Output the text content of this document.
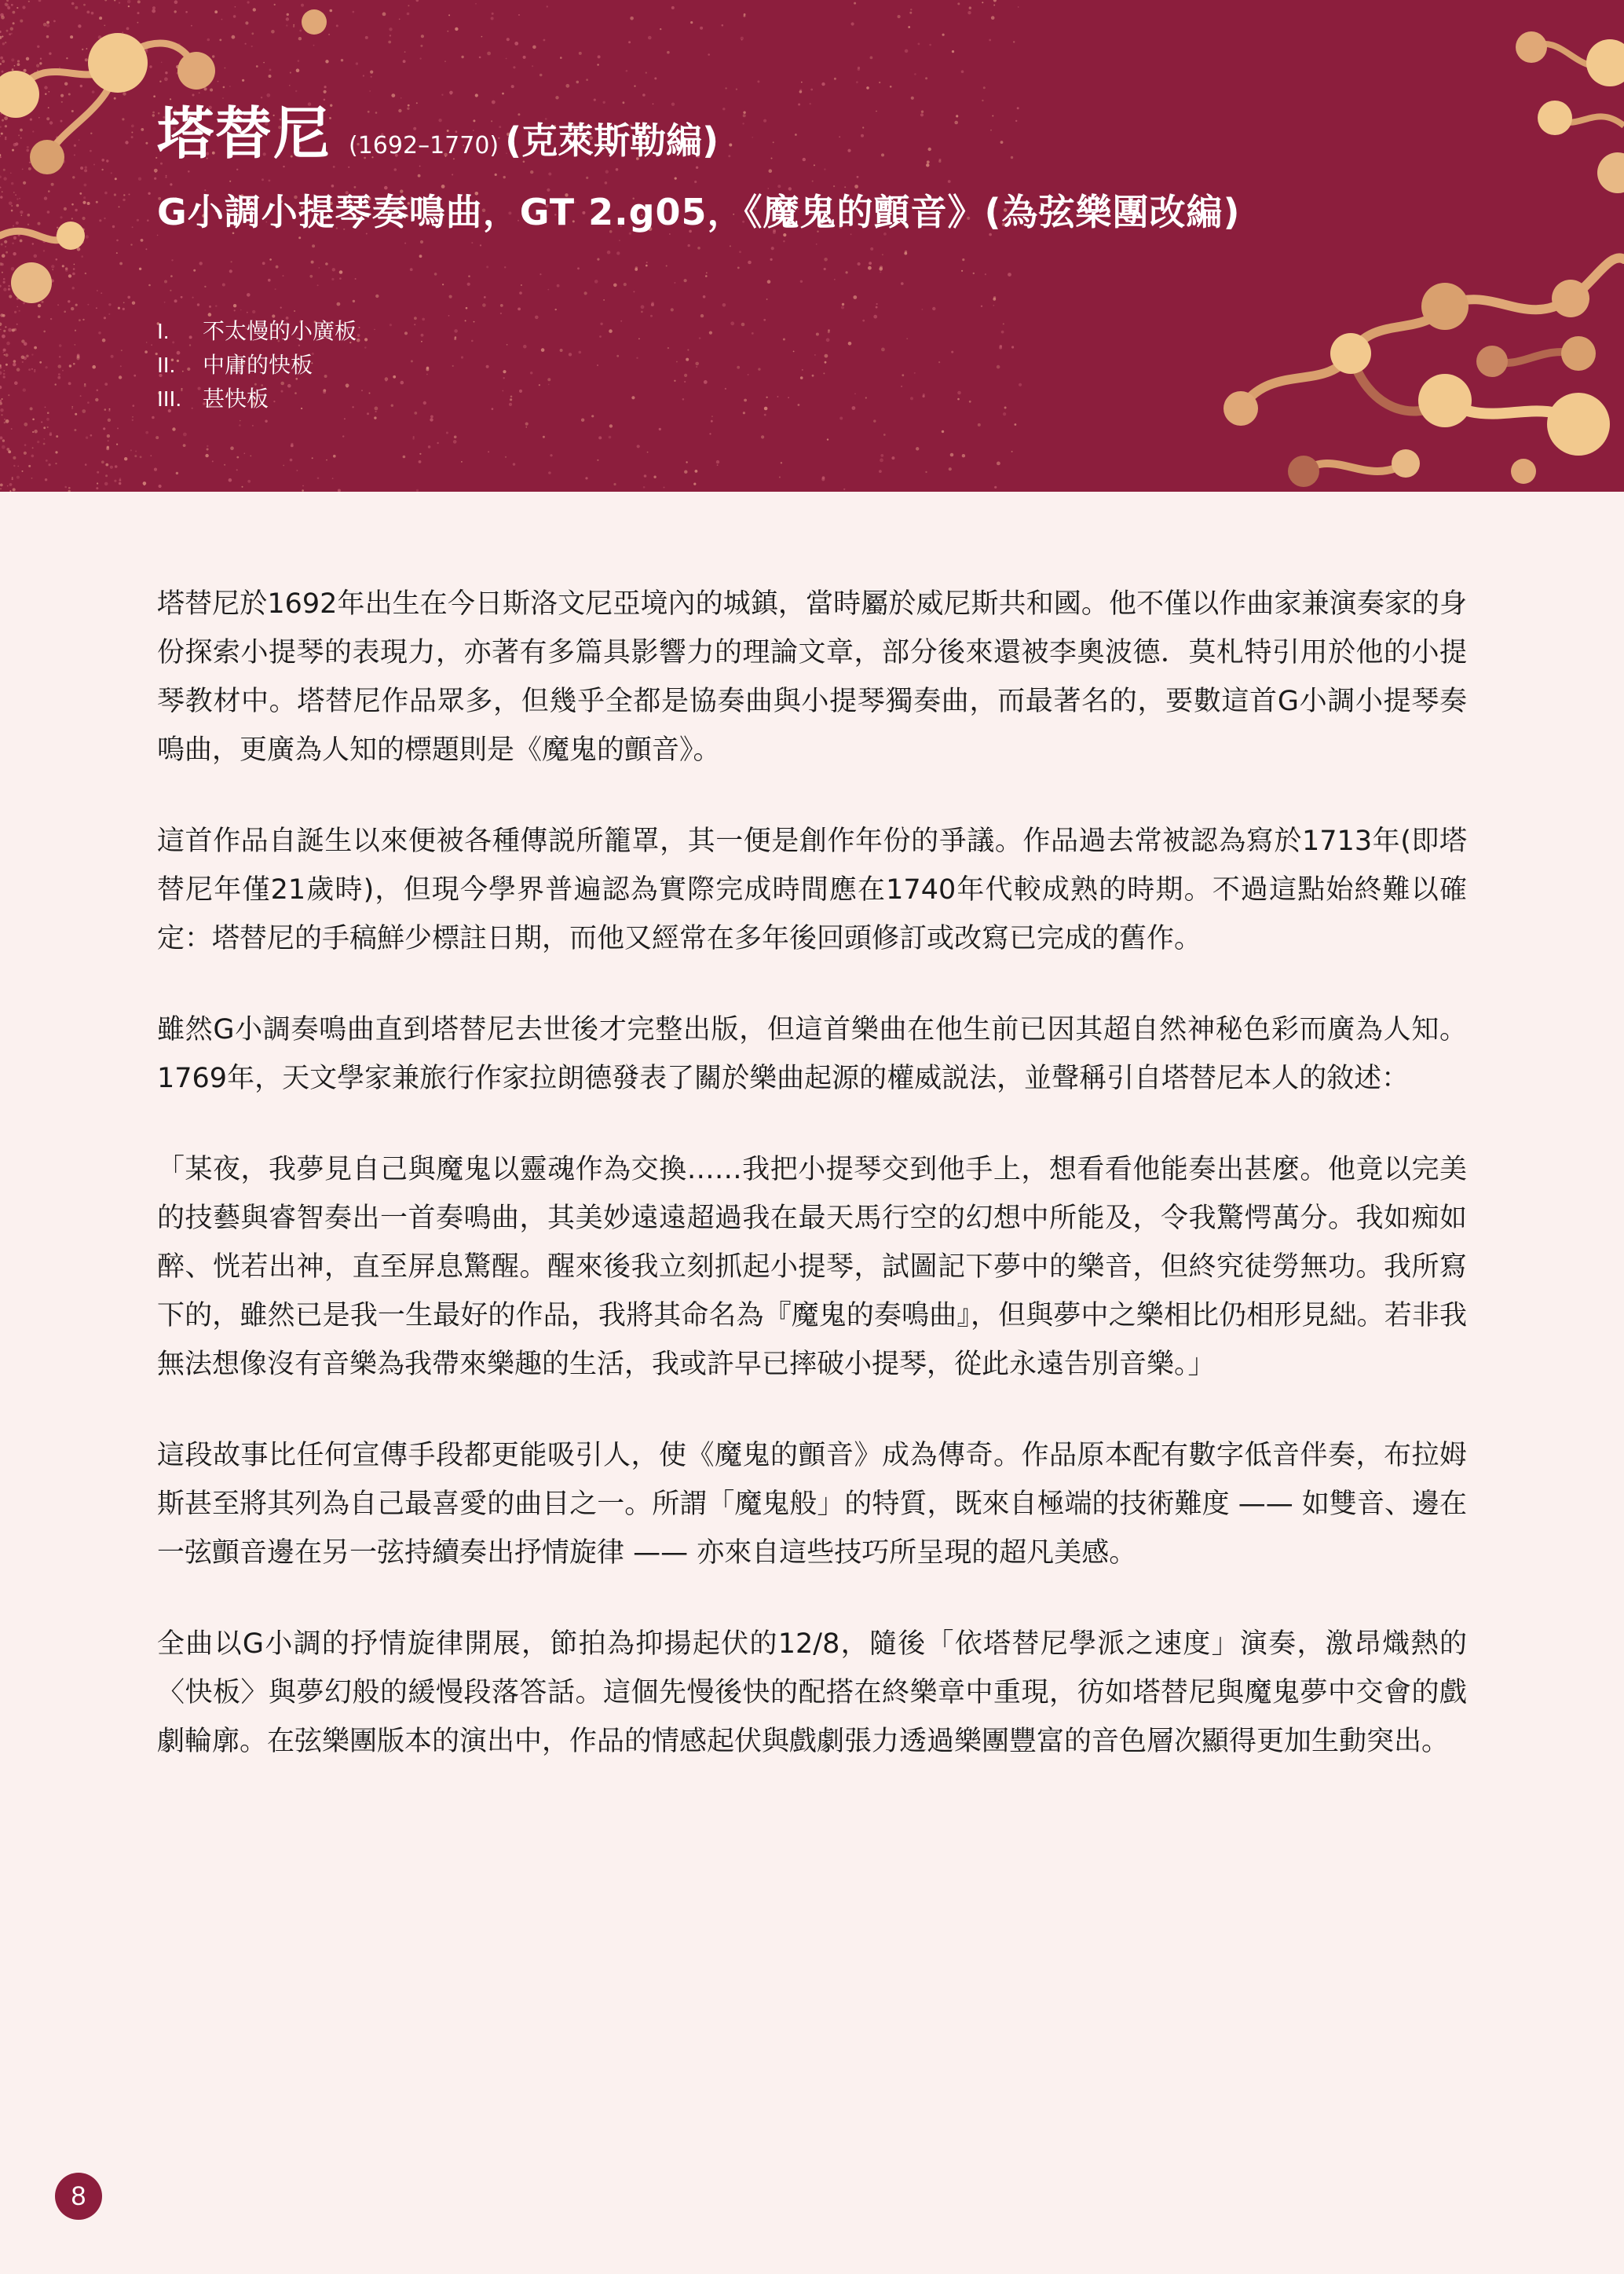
塔替尼 (1692–1770) (克萊斯勒編)
G小調小提琴奏鳴曲，GT 2.g05，《魔鬼的顫音》(為弦樂團改編)
I.	不太慢的小廣板
II.	中庸的快板
III. 甚快板

塔替尼於1692年出生在今日斯洛文尼亞境內的城鎮，當時屬於威尼斯共和國。他不僅以作曲家兼演奏家的身份探索小提琴的表現力，亦著有多篇具影響力的理論文章，部分後來還被李奧波德．莫札特引用於他的小提琴教材中。塔替尼作品眾多，但幾乎全都是協奏曲與小提琴獨奏曲，而最著名的，要數這首G小調小提琴奏鳴曲，更廣為人知的標題則是《魔鬼的顫音》。

這首作品自誕生以來便被各種傳説所籠罩，其一便是創作年份的爭議。作品過去常被認為寫於1713年(即塔替尼年僅21歲時)，但現今學界普遍認為實際完成時間應在1740年代較成熟的時期。不過這點始終難以確定：塔替尼的手稿鮮少標註日期，而他又經常在多年後回頭修訂或改寫已完成的舊作。

雖然G小調奏鳴曲直到塔替尼去世後才完整出版，但這首樂曲在他生前已因其超自然神秘色彩而廣為人知。1769年，天文學家兼旅行作家拉朗德發表了關於樂曲起源的權威説法，並聲稱引自塔替尼本人的敘述：

「某夜，我夢見自己與魔鬼以靈魂作為交換……我把小提琴交到他手上，想看看他能奏出甚麼。他竟以完美的技藝與睿智奏出一首奏鳴曲，其美妙遠遠超過我在最天馬行空的幻想中所能及，令我驚愕萬分。我如痴如醉、恍若出神，直至屏息驚醒。醒來後我立刻抓起小提琴，試圖記下夢中的樂音，但終究徒勞無功。我所寫下的，雖然已是我一生最好的作品，我將其命名為『魔鬼的奏鳴曲』，但與夢中之樂相比仍相形見絀。若非我無法想像沒有音樂為我帶來樂趣的生活，我或許早已摔破小提琴，從此永遠告別音樂。」

這段故事比任何宣傳手段都更能吸引人，使《魔鬼的顫音》成為傳奇。作品原本配有數字低音伴奏，布拉姆斯甚至將其列為自己最喜愛的曲目之一。所謂「魔鬼般」的特質，既來自極端的技術難度 —— 如雙音、邊在一弦顫音邊在另一弦持續奏出抒情旋律 —— 亦來自這些技巧所呈現的超凡美感。

全曲以G小調的抒情旋律開展，節拍為抑揚起伏的12/8，隨後「依塔替尼學派之速度」演奏，激昂熾熱的〈快板〉與夢幻般的緩慢段落答話。這個先慢後快的配搭在終樂章中重現，彷如塔替尼與魔鬼夢中交會的戲劇輪廓。在弦樂團版本的演出中，作品的情感起伏與戲劇張力透過樂團豐富的音色層次顯得更加生動突出。

8
